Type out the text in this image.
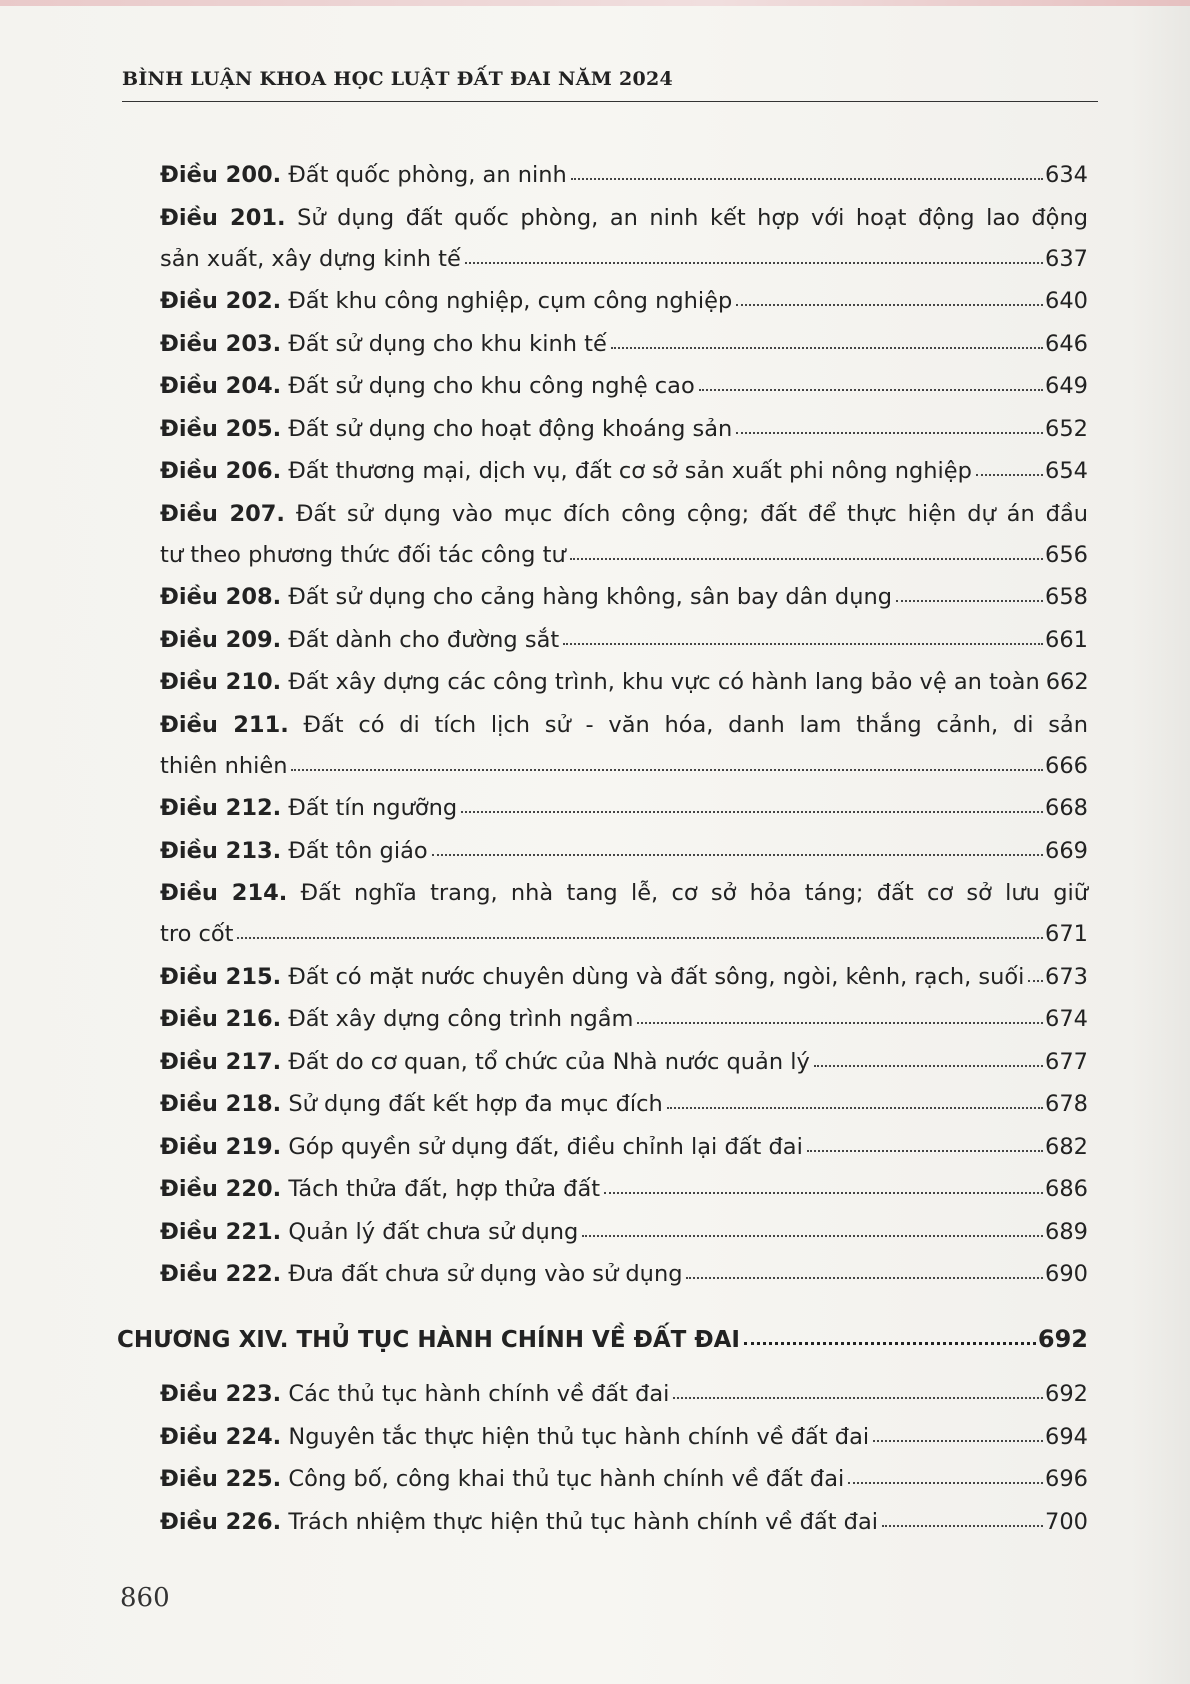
BÌNH LUẬN KHOA HỌC LUẬT ĐẤT ĐAI NĂM 2024
Điều 200. Đất quốc phòng, an ninh	634
Điều 201. Sử dụng đất quốc phòng, an ninh kết hợp với hoạt động lao động
sản xuất, xây dựng kinh tế	637
Điều 202. Đất khu công nghiệp, cụm công nghiệp	640
Điều 203. Đất sử dụng cho khu kinh tế	646
Điều 204. Đất sử dụng cho khu công nghệ cao	649
Điều 205. Đất sử dụng cho hoạt động khoáng sản	652
Điều 206. Đất thương mại, dịch vụ, đất cơ sở sản xuất phi nông nghiệp	654
Điều 207. Đất sử dụng vào mục đích công cộng; đất để thực hiện dự án đầu
tư theo phương thức đối tác công tư	656
Điều 208. Đất sử dụng cho cảng hàng không, sân bay dân dụng	658
Điều 209. Đất dành cho đường sắt	661
Điều 210. Đất xây dựng các công trình, khu vực có hành lang bảo vệ an toàn 662
Điều 211. Đất có di tích lịch sử - văn hóa, danh lam thắng cảnh, di sản
thiên nhiên	666
Điều 212. Đất tín ngưỡng	668
Điều 213. Đất tôn giáo	669
Điều 214. Đất nghĩa trang, nhà tang lễ, cơ sở hỏa táng; đất cơ sở lưu giữ
tro cốt	671
Điều 215. Đất có mặt nước chuyên dùng và đất sông, ngòi, kênh, rạch, suối 673
Điều 216. Đất xây dựng công trình ngầm	674
Điều 217. Đất do cơ quan, tổ chức của Nhà nước quản lý	677
Điều 218. Sử dụng đất kết hợp đa mục đích	678
Điều 219. Góp quyền sử dụng đất, điều chỉnh lại đất đai	682
Điều 220. Tách thửa đất, hợp thửa đất	686
Điều 221. Quản lý đất chưa sử dụng	689
Điều 222. Đưa đất chưa sử dụng vào sử dụng	690
CHƯƠNG XIV. THỦ TỤC HÀNH CHÍNH VỀ ĐẤT ĐAI	692
Điều 223. Các thủ tục hành chính về đất đai	692
Điều 224. Nguyên tắc thực hiện thủ tục hành chính về đất đai	694
Điều 225. Công bố, công khai thủ tục hành chính về đất đai	696
Điều 226. Trách nhiệm thực hiện thủ tục hành chính về đất đai	700
860
